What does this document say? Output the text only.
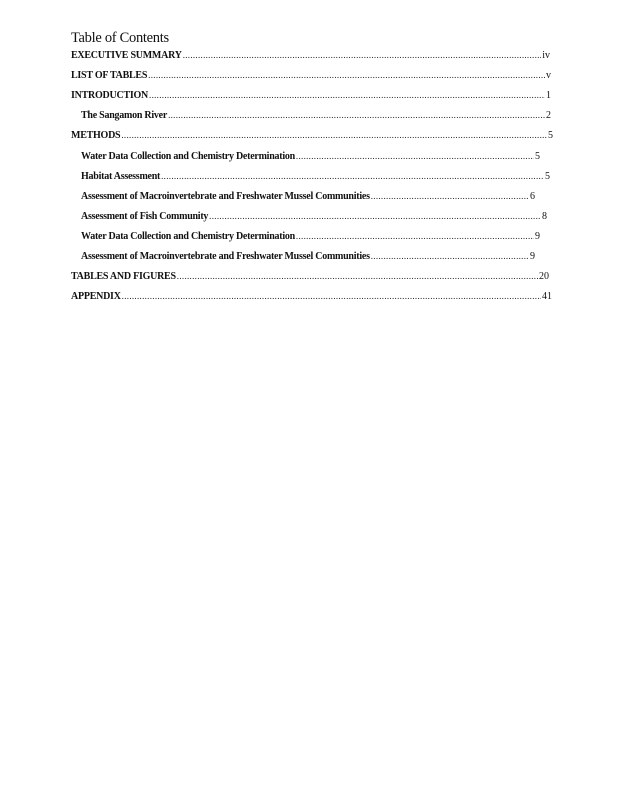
Table of Contents
EXECUTIVE SUMMARY .....	iv
LIST OF TABLES .....	v
INTRODUCTION .....	1
The Sangamon River .....	2
METHODS .....	5
Water Data Collection and Chemistry Determination .....	5
Habitat Assessment .....	5
Assessment of Macroinvertebrate and Freshwater Mussel Communities .....	6
Assessment of Fish Community .....	8
Water Data Collection and Chemistry Determination .....	9
Assessment of Macroinvertebrate and Freshwater Mussel Communities .....	9
TABLES AND FIGURES .....	20
APPENDIX .....	41
